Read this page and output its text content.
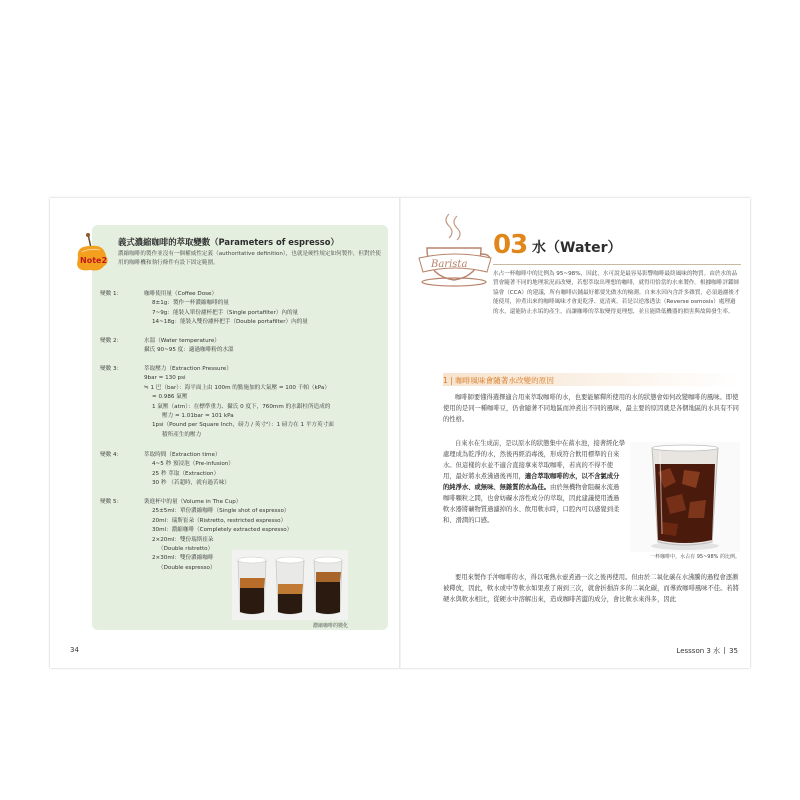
Note2
義式濃縮咖啡的萃取變數（Parameters of espresso）
濃縮咖啡的製作並沒有一個權威性定義（authoritative definition），也就是硬性規定如何製作，但對於使用的咖啡機和執行條件有設下固定範圍。
變數 1：	咖啡使用量（Coffee Dose）
8±1g：製作一杯濃縮咖啡的量
7~9g：能裝入單份濾杯把手（Single portafilter）內的量
14~18g：能裝入雙份濾杯把手（Double portafilter）內的量
變數 2：	水溫（Water temperature）
攝氏 90~95 度：適過咖啡粉的水溫
變數 3：	萃取壓力（Extraction Pressure）
9bar = 130 psi
≒ 1 巴（bar）：海平面上由 100m 的點施加的大氣壓 = 100 千帕（kPa）
= 0.986 氣壓
1 氣壓（atm）：在標準重力、攝氏 0 度下，760mm 的水銀柱所造成的
壓力 = 1.01bar = 101 kPa
1psi（Pound per Square Inch，磅力 / 英寸²）：1 磅力在 1 平方英寸面
積所產生的壓力
變數 4：	萃取時間（Extraction time）
4~5 秒 預浸泡（Pre-infusion）
25 秒 萃取（Extraction）
30 秒 （若超時，就有過苦味）
變數 5：	裝進杯中的量（Volume in The Cup）
25±5ml：單份濃縮咖啡（Single shot of espresso）
20ml：瑞斯崔朵（Ristretto, restricted espresso）
30ml：濃縮咖啡（Completely extracted espresso）
2×20ml：雙份瑞斯崔朵
（Double ristretto）
2×30ml：雙份濃縮咖啡
（Double espresso）
濃縮咖啡的變化
34
Barista
03 水（Water）
水占一杯咖啡中的比例為 95~98%，因此，水可說是最容易影響咖啡最終風味的物質。由於水的品質會隨著不同的地理狀況而改變，若想萃取出理想的咖啡，就得用恰當的水來製作。根據咖啡評鑑師協會（CCA）的建議，所有咖啡店鋪最好都要先做水的檢測。自來水因內含許多雜質，必須過濾後才能使用，沖煮出來的咖啡風味才會更乾淨、更清爽。若是以逆滲透法（Reverse osmosis）處理過的水，還能防止水垢的產生，而讓咖啡的萃取變得更理想，並且能降低機器的損害與故障發生率。
1 | 咖啡風味會隨著水改變的原因
咖啡師要懂得選擇適合用來萃取咖啡的水，也要能解釋所使用的水的狀態會如何改變咖啡的風味。即使使用的是同一種咖啡豆，仍會隨著不同地區而沖煮出不同的風味，最主要的原因就是各個地區的水具有不同的性格。
自來水在生成前，是以原水的狀態集中在蓄水池，接著經化學處理成為乾淨的水，然後再經消毒後，形成符合飲用標準的自來水。但這樣的水並不適合直接拿來萃取咖啡，若真的不得不使用，最好將水煮沸過後再用，適合萃取咖啡的水，以不含氯成分的純淨水、或無味、無雜質的水為佳。由於無機物會阻礙水流過咖啡顆粒之間，也會妨礙水溶性成分的萃取，因此建議使用透過軟水器將礦物質過濾掉的水、飲用軟水時，口腔內可以感覺到柔和、滑潤的口感。
一杯咖啡中，水占有 95~98% 的比例。
要用來製作手沖咖啡的水，得以電熱水壺煮過一次之後再使用。但由於二氧化碳在水沸騰的過程會逐漸被釋放，因此，軟水或中等軟水如果煮了兩到三次，就會折損許多的二氧化碳，而導致咖啡風味不佳。若將硬水與軟水相比，從硬水中溶解出來，造成咖啡苦澀的成分，會比軟水來得多，因此
Lessson 3 水 35
